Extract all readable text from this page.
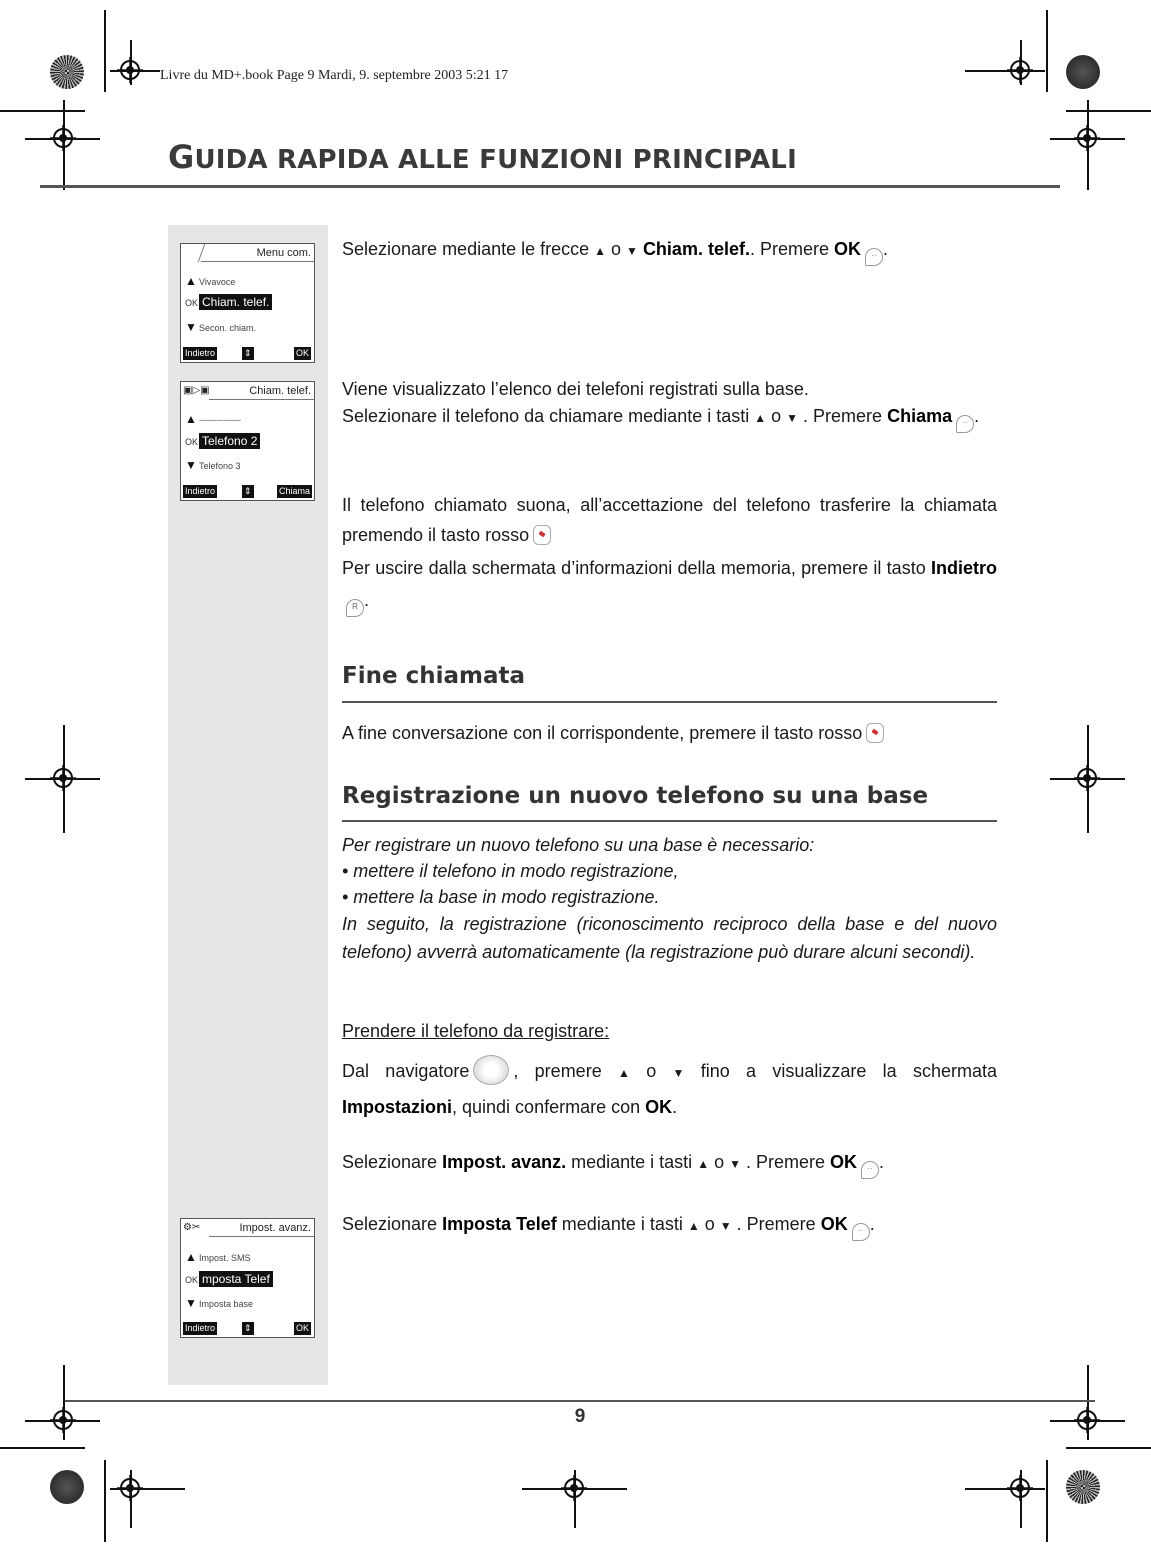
Livre du MD+.book Page 9 Mardi, 9. septembre 2003 5:21 17
GUIDA RAPIDA ALLE FUNZIONI PRINCIPALI
Menu com.
▲ Vivavoce
OK Chiam. telef.
▼ Secon. chiam.
Indietro	⇕	OK
▣▷▣	Chiam. telef.
▲ --------------
OK Telefono 2
▼ Telefono 3
Indietro	⇕	Chiama
⚙✂	Impost. avanz.
▲ Impost. SMS
OK mposta Telef
▼ Imposta base
Indietro	⇕	OK
Selezionare mediante le frecce ▲ o ▼ Chiam. telef.. Premere OK ·· .
Viene visualizzato l’elenco dei telefoni registrati sulla base.
Selezionare il telefono da chiamare mediante i tasti ▲ o ▼ . Premere Chiama ·· .
Il telefono chiamato suona, all’accettazione del telefono trasferire la chiamata premendo il tasto rosso
Per uscire dalla schermata d’informazioni della memoria, premere il tasto IndietroR .
Fine chiamata
A fine conversazione con il corrispondente, premere il tasto rosso
Registrazione un nuovo telefono su una base
Per registrare un nuovo telefono su una base è necessario:
• mettere il telefono in modo registrazione,
• mettere la base in modo registrazione.
In seguito, la registrazione (riconoscimento reciproco della base e del nuovo telefono) avverrà automaticamente (la registrazione può durare alcuni secondi).
Prendere il telefono da registrare:
Dal navigatore , premere ▲ o ▼ fino a visualizzare la schermata Impostazioni, quindi confermare con OK.
Selezionare Impost. avanz. mediante i tasti ▲ o ▼ . Premere OK ·· .
Selezionare Imposta Telef mediante i tasti ▲ o ▼ . Premere OK ·· .
9
